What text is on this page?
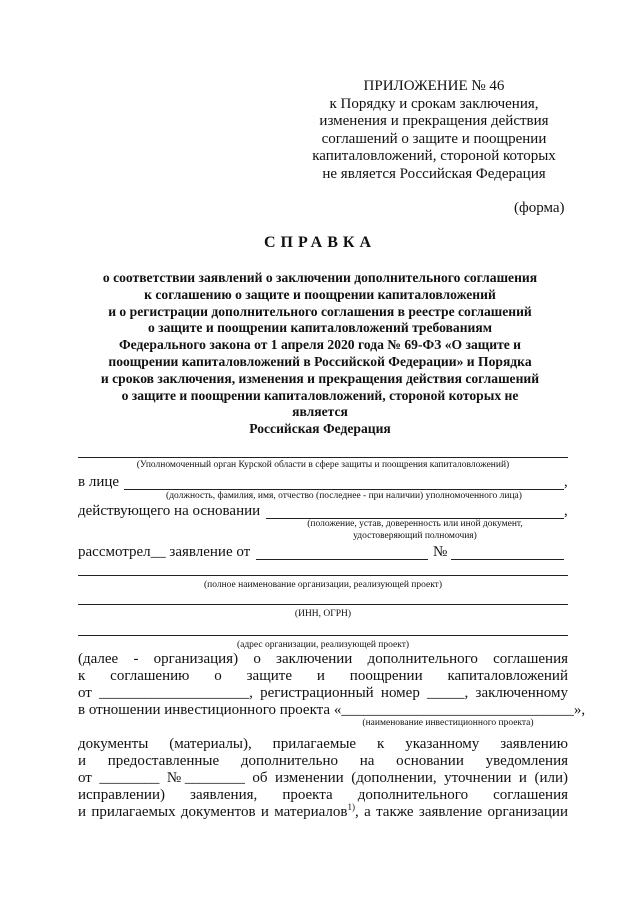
ПРИЛОЖЕНИЕ № 46
к Порядку и срокам заключения,
изменения и прекращения действия
соглашений о защите и поощрении
капиталовложений, стороной которых
не является Российская Федерация
(форма)
СПРАВКА
о соответствии заявлений о заключении дополнительного соглашения
к соглашению о защите и поощрении капиталовложений
и о регистрации дополнительного соглашения в реестре соглашений
о защите и поощрении капиталовложений требованиям
Федерального закона от 1 апреля 2020 года № 69-ФЗ «О защите и
поощрении капиталовложений в Российской Федерации» и Порядка
и сроков заключения, изменения и прекращения действия соглашений
о защите и поощрении капиталовложений, стороной которых не
является
Российская Федерация
(Уполномоченный орган Курской области в сфере защиты и поощрения капиталовложений)
в лице	,
(должность, фамилия, имя, отчество (последнее - при наличии) уполномоченного лица)
действующего на основании	,
(положение, устав, доверенность или иной документ,
удостоверяющий полномочия)
рассмотрел__ заявление от	№
(полное наименование организации, реализующей проект)
(ИНН, ОГРН)
(адрес организации, реализующей проект)
(далее - организация) о заключении дополнительного соглашения
к соглашению о защите и поощрении капиталовложений
от ____________________, регистрационный номер _____, заключенному
в отношении инвестиционного проекта «_______________________________»,
(наименование инвестиционного проекта)
документы (материалы), прилагаемые к указанному заявлению
и предоставленные дополнительно на основании уведомления
от ________ №________ об изменении (дополнении, уточнении и (или)
исправлении) заявления, проекта дополнительного соглашения
и прилагаемых документов и материалов$^{1)}$, а также заявление организации
